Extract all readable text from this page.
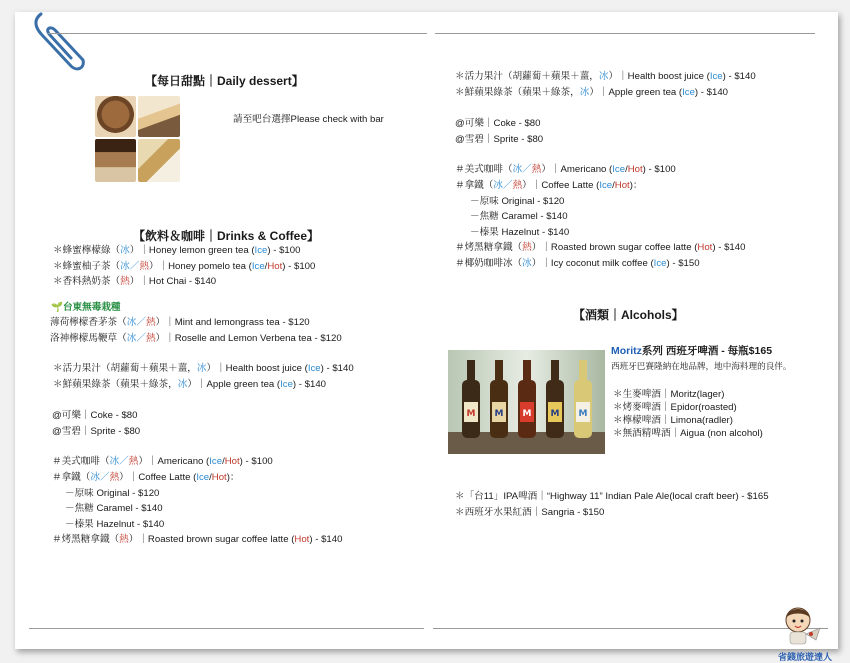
【每日甜點｜Daily dessert】
請至吧台選擇Please check with bar
【飲料＆咖啡｜Drinks & Coffee】
＊蜂蜜檸檬綠（冰）｜Honey lemon green tea (Ice) - $100
＊蜂蜜柚子茶（冰／熱）｜Honey pomelo tea (Ice/Hot) - $100
＊香料熱奶茶（熱）｜Hot Chai - $140
🌱台東無毒栽種
薄荷檸檬香茅茶（冰／熱）｜Mint and lemongrass tea - $120
洛神檸檬馬鞭草（冰／熱）｜Roselle and Lemon Verbena tea - $120
＊活力果汁（胡蘿蔔＋蘋果＋薑，冰）｜Health boost juice (Ice) - $140
＊鮮蘋果綠茶（蘋果＋綠茶，冰）｜Apple green tea (Ice) - $140
@可樂｜Coke - $80
@雪碧｜Sprite - $80
＃美式咖啡（冰／熱）｜Americano (Ice/Hot) - $100
＃拿鐵（冰／熱）｜Coffee Latte (Ice/Hot)：
－原味 Original - $120
－焦糖 Caramel - $140
－榛果 Hazelnut - $140
＃烤黑糖拿鐵（熱）｜Roasted brown sugar coffee latte (Hot) - $140
＊活力果汁（胡蘿蔔＋蘋果＋薑，冰）｜Health boost juice (Ice) - $140
＊鮮蘋果綠茶（蘋果＋綠茶，冰）｜Apple green tea (Ice) - $140
@可樂｜Coke - $80
@雪碧｜Sprite - $80
＃美式咖啡（冰／熱）｜Americano (Ice/Hot) - $100
＃拿鐵（冰／熱）｜Coffee Latte (Ice/Hot)：
－原味 Original - $120
－焦糖 Caramel - $140
－榛果 Hazelnut - $140
＃烤黑糖拿鐵（熱）｜Roasted brown sugar coffee latte (Hot) - $140
＃椰奶咖啡冰（冰）｜Icy coconut milk coffee (Ice) - $150
【酒類｜Alcohols】
M M M M M
Moritz系列 西班牙啤酒 - 每瓶$165
西班牙巴賽隆納在地品牌，地中海料理的良伴。
＊生麥啤酒｜Moritz(lager)
＊烤麥啤酒｜Epidor(roasted)
＊檸檬啤酒｜Limona(radler)
＊無酒精啤酒｜Aigua (non alcohol)
＊「台11」IPA啤酒｜“Highway 11” Indian Pale Ale(local craft beer) - $165
＊西班牙水果紅酒｜Sangria - $150
省錢旅遊達人
